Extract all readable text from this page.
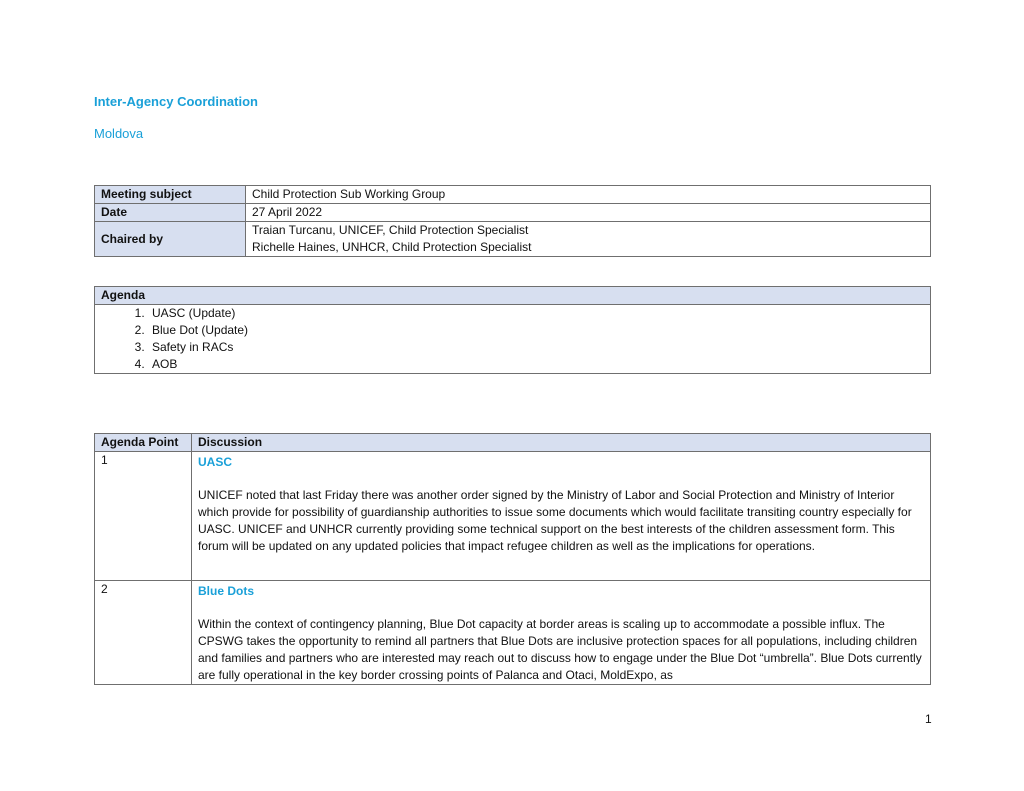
Inter-Agency Coordination
Moldova
Meeting subject	Child Protection Sub Working Group
Date	27 April 2022
Chaired by	Traian Turcanu, UNICEF, Child Protection Specialist
Richelle Haines, UNHCR, Child Protection Specialist
Agenda

1. UASC (Update)
2. Blue Dot (Update)
3. Safety in RACs
4. AOB
Agenda Point	Discussion
1	UASC
UNICEF noted that last Friday there was another order signed by the Ministry of Labor and Social Protection and Ministry of Interior which provide for possibility of guardianship authorities to issue some documents which would facilitate transiting country especially for UASC. UNICEF and UNHCR currently providing some technical support on the best interests of the children assessment form. This forum will be updated on any updated policies that impact refugee children as well as the implications for operations.

2	Blue Dots
Within the context of contingency planning, Blue Dot capacity at border areas is scaling up to accommodate a possible influx. The CPSWG takes the opportunity to remind all partners that Blue Dots are inclusive protection spaces for all populations, including children and families and partners who are interested may reach out to discuss how to engage under the Blue Dot “umbrella”. Blue Dots currently are fully operational in the key border crossing points of Palanca and Otaci, MoldExpo, as
1
